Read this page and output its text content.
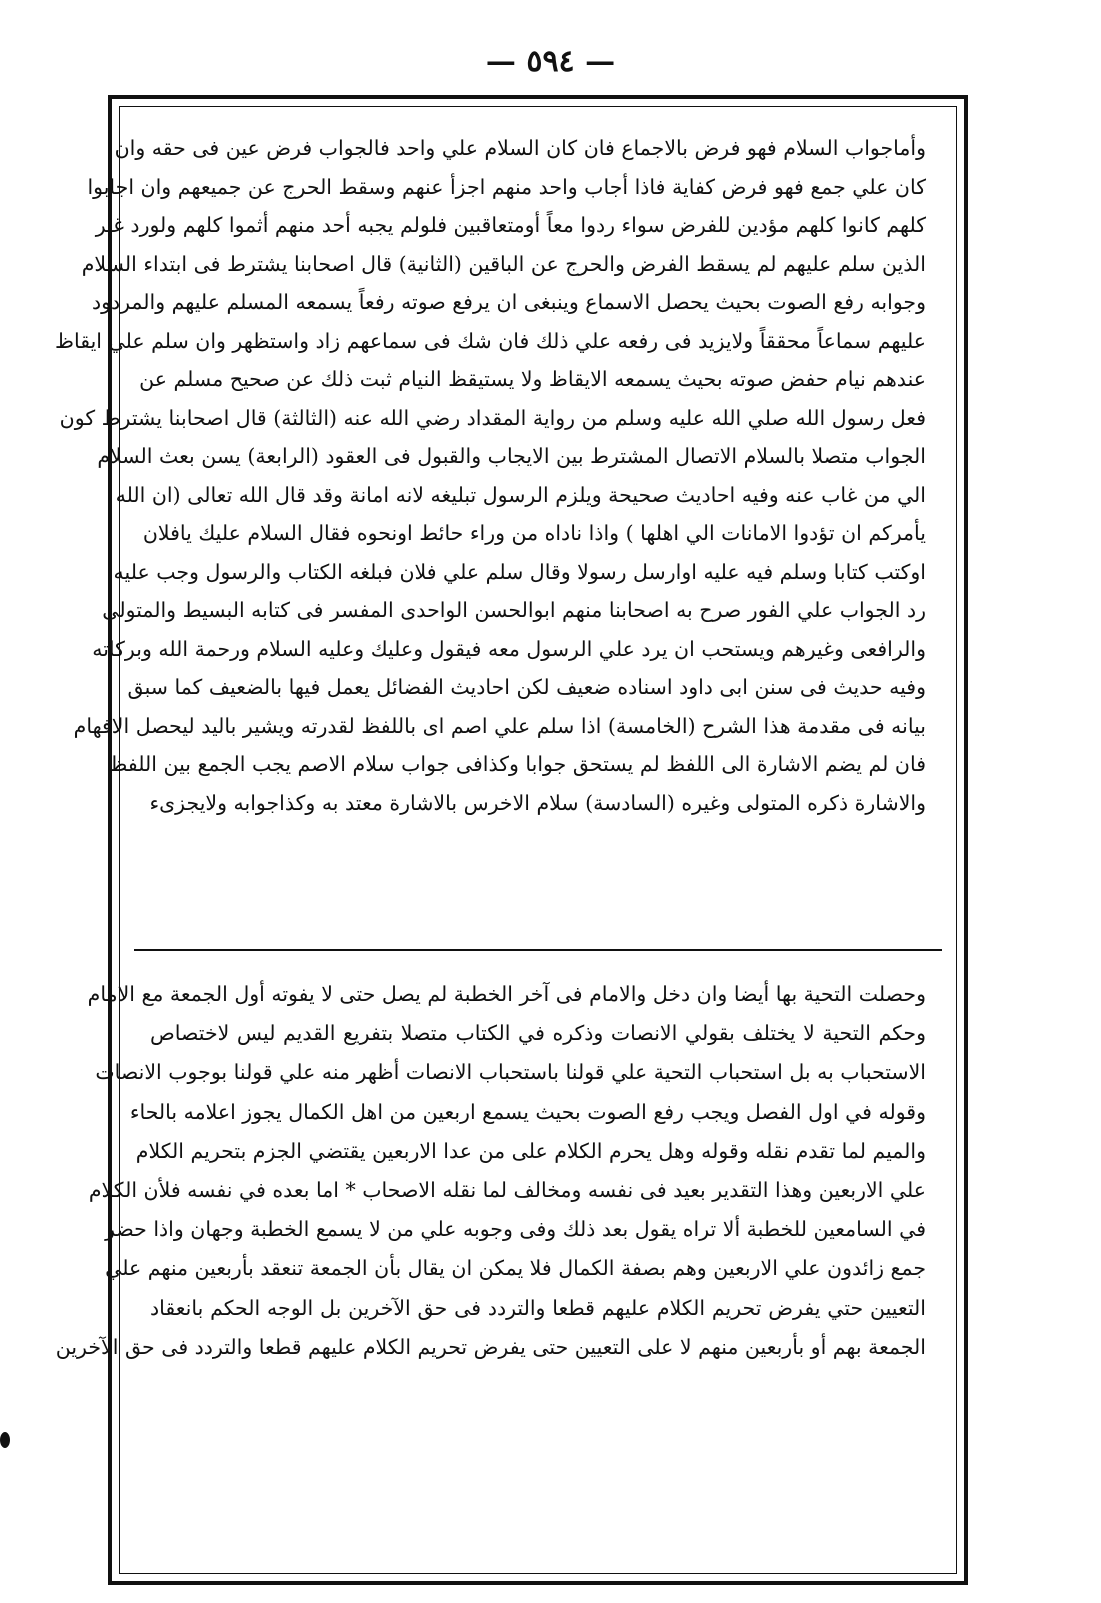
— ٥٩٤ —
وأماجواب السلام فهو فرض بالاجماع فان كان السلام علي واحد فالجواب فرض عين فى حقه وان
كان علي جمع فهو فرض كفاية فاذا أجاب واحد منهم اجزأ عنهم وسقط الحرج عن جميعهم وان اجابوا
كلهم كانوا كلهم مؤدين للفرض سواء ردوا معاً أومتعاقبين فلولم يجبه أحد منهم أثموا كلهم ولورد غير
الذين سلم عليهم لم يسقط الفرض والحرج عن الباقين (الثانية) قال اصحابنا يشترط فى ابتداء السلام
وجوابه رفع الصوت بحيث يحصل الاسماع وينبغى ان يرفع صوته رفعاً يسمعه المسلم عليهم والمردود
عليهم سماعاً محققاً ولايزيد فى رفعه علي ذلك فان شك فى سماعهم زاد واستظهر وان سلم علي ايقاظ
عندهم نيام حفض صوته بحيث يسمعه الايقاظ ولا يستيقظ النيام ثبت ذلك عن صحيح مسلم عن
فعل رسول الله صلي الله عليه وسلم من رواية المقداد رضي الله عنه (الثالثة) قال اصحابنا يشترط كون
الجواب متصلا بالسلام الاتصال المشترط بين الايجاب والقبول فى العقود (الرابعة) يسن بعث السلام
الي من غاب عنه وفيه احاديث صحيحة ويلزم الرسول تبليغه لانه امانة وقد قال الله تعالى (ان الله
يأمركم ان تؤدوا الامانات الي اهلها ) واذا ناداه من وراء حائط اونحوه فقال السلام عليك يافلان
اوكتب كتابا وسلم فيه عليه اوارسل رسولا وقال سلم علي فلان فبلغه الكتاب والرسول وجب عليه
رد الجواب علي الفور صرح به اصحابنا منهم ابوالحسن الواحدى المفسر فى كتابه البسيط والمتولى
والرافعى وغيرهم ويستحب ان يرد علي الرسول معه فيقول وعليك وعليه السلام ورحمة الله وبركاته
وفيه حديث فى سنن ابى داود اسناده ضعيف لكن احاديث الفضائل يعمل فيها بالضعيف كما سبق
بيانه فى مقدمة هذا الشرح (الخامسة) اذا سلم علي اصم اى باللفظ لقدرته ويشير باليد ليحصل الافهام
فان لم يضم الاشارة الى اللفظ لم يستحق جوابا وكذافى جواب سلام الاصم يجب الجمع بين اللفظ
والاشارة ذكره المتولى وغيره (السادسة) سلام الاخرس بالاشارة معتد به وكذاجوابه ولايجزىء
وحصلت التحية بها أيضا وان دخل والامام فى آخر الخطبة لم يصل حتى لا يفوته أول الجمعة مع الامام
وحكم التحية لا يختلف بقولي الانصات وذكره في الكتاب متصلا بتفريع القديم ليس لاختصاص
الاستحباب به بل استحباب التحية علي قولنا باستحباب الانصات أظهر منه علي قولنا بوجوب الانصات
وقوله في اول الفصل ويجب رفع الصوت بحيث يسمع اربعين من اهل الكمال يجوز اعلامه بالحاء
والميم لما تقدم نقله وقوله وهل يحرم الكلام على من عدا الاربعين يقتضي الجزم بتحريم الكلام
علي الاربعين وهذا التقدير بعيد فى نفسه ومخالف لما نقله الاصحاب * اما بعده في نفسه فلأن الكلام
في السامعين للخطبة ألا تراه يقول بعد ذلك وفى وجوبه علي من لا يسمع الخطبة وجهان واذا حضر
جمع زائدون علي الاربعين وهم بصفة الكمال فلا يمكن ان يقال بأن الجمعة تنعقد بأربعين منهم علي
التعيين حتي يفرض تحريم الكلام عليهم قطعا والتردد فى حق الآخرين بل الوجه الحكم بانعقاد
الجمعة بهم أو بأربعين منهم لا على التعيين حتى يفرض تحريم الكلام عليهم قطعا والتردد فى حق الآخرين
